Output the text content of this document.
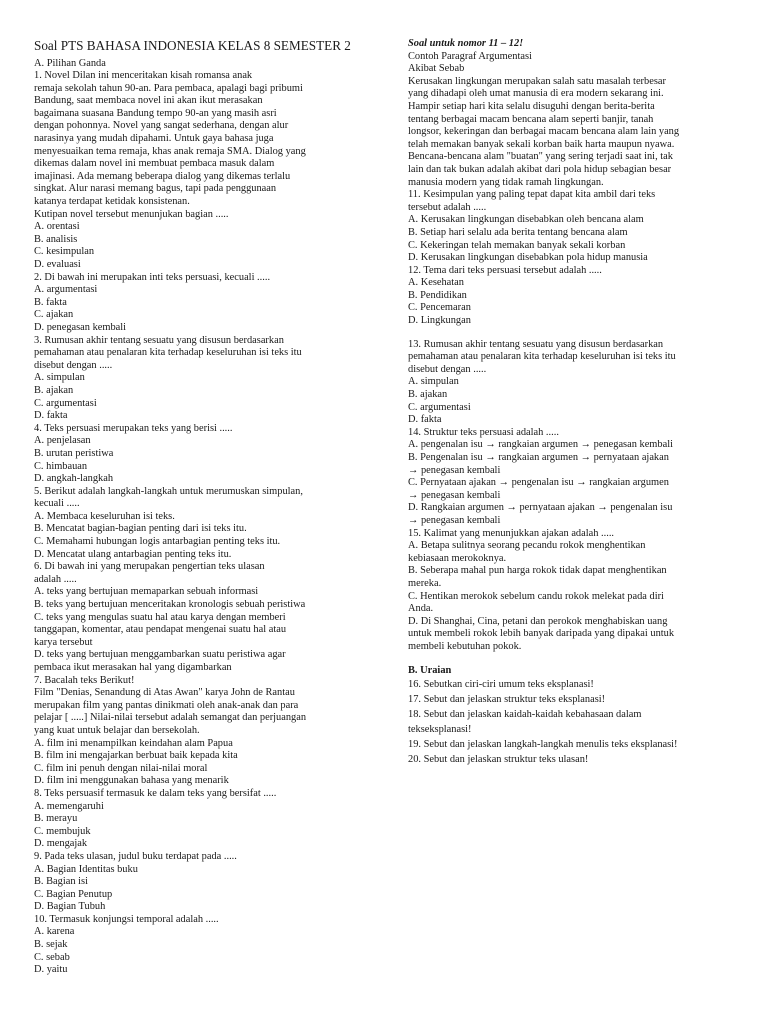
Soal PTS BAHASA INDONESIA KELAS 8 SEMESTER 2
A. Pilihan Ganda
1. Novel Dilan ini menceritakan kisah romansa anak
remaja sekolah tahun 90-an. Para pembaca, apalagi bagi pribumi
Bandung, saat membaca novel ini akan ikut merasakan
bagaimana suasana Bandung tempo 90-an yang masih asri
dengan pohonnya. Novel yang sangat sederhana, dengan alur
narasinya yang mudah dipahami. Untuk gaya bahasa juga
menyesuaikan tema remaja, khas anak remaja SMA. Dialog yang
dikemas dalam novel ini membuat pembaca masuk dalam
imajinasi. Ada memang beberapa dialog yang dikemas terlalu
singkat. Alur narasi memang bagus, tapi pada penggunaan
katanya terdapat ketidak konsistenan.
Kutipan novel tersebut menunjukan bagian .....
A. orentasi
B. analisis
C. kesimpulan
D. evaluasi
2. Di bawah ini merupakan inti teks persuasi, kecuali .....
A. argumentasi
B. fakta
C. ajakan
D. penegasan kembali
3. Rumusan akhir tentang sesuatu yang disusun berdasarkan
pemahaman atau penalaran kita terhadap keseluruhan isi teks itu
disebut dengan .....
A. simpulan
B. ajakan
C. argumentasi
D. fakta
4. Teks persuasi merupakan teks yang berisi .....
A. penjelasan
B. urutan peristiwa
C. himbauan
D. angkah-langkah
5. Berikut adalah langkah-langkah untuk merumuskan simpulan,
kecuali .....
A. Membaca keseluruhan isi teks.
B. Mencatat bagian-bagian penting dari isi teks itu.
C. Memahami hubungan logis antarbagian penting teks itu.
D. Mencatat ulang antarbagian penting teks itu.
6. Di bawah ini yang merupakan pengertian teks ulasan
adalah .....
A. teks yang bertujuan memaparkan sebuah informasi
B. teks yang bertujuan menceritakan kronologis sebuah peristiwa
C. teks yang mengulas suatu hal atau karya dengan memberi
tanggapan, komentar, atau pendapat mengenai suatu hal atau
karya tersebut
D. teks yang bertujuan menggambarkan suatu peristiwa agar
pembaca ikut merasakan hal yang digambarkan
7. Bacalah teks Berikut!
Film "Denias, Senandung di Atas Awan" karya John de Rantau
merupakan film yang pantas dinikmati oleh anak-anak dan para
pelajar [ .....] Nilai-nilai tersebut adalah semangat dan perjuangan
yang kuat untuk belajar dan bersekolah.
A. film ini menampilkan keindahan alam Papua
B. film ini mengajarkan berbuat baik kepada kita
C. film ini penuh dengan nilai-nilai moral
D. film ini menggunakan bahasa yang menarik
8. Teks persuasif termasuk ke dalam teks yang bersifat .....
A. memengaruhi
B. merayu
C. membujuk
D. mengajak
9. Pada teks ulasan, judul buku terdapat pada .....
A. Bagian Identitas buku
B. Bagian isi
C. Bagian Penutup
D. Bagian Tubuh
10. Termasuk konjungsi temporal adalah .....
A. karena
B. sejak
C. sebab
D. yaitu
Soal untuk nomor 11 – 12!
Contoh Paragraf Argumentasi
Akibat Sebab
Kerusakan lingkungan merupakan salah satu masalah terbesar
yang dihadapi oleh umat manusia di era modern sekarang ini.
Hampir setiap hari kita selalu disuguhi dengan berita-berita
tentang berbagai macam bencana alam seperti banjir, tanah
longsor, kekeringan dan berbagai macam bencana alam lain yang
telah memakan banyak sekali korban baik harta maupun nyawa.
Bencana-bencana alam "buatan" yang sering terjadi saat ini, tak
lain dan tak bukan adalah akibat dari pola hidup sebagian besar
manusia modern yang tidak ramah lingkungan.
11. Kesimpulan yang paling tepat dapat kita ambil dari teks
tersebut adalah .....
A. Kerusakan lingkungan disebabkan oleh bencana alam
B. Setiap hari selalu ada berita tentang bencana alam
C. Kekeringan telah memakan banyak sekali korban
D. Kerusakan lingkungan disebabkan pola hidup manusia
12. Tema dari teks persuasi tersebut adalah .....
A. Kesehatan
B. Pendidikan
C. Pencemaran
D. Lingkungan
13. Rumusan akhir tentang sesuatu yang disusun berdasarkan
pemahaman atau penalaran kita terhadap keseluruhan isi teks itu
disebut dengan .....
A. simpulan
B. ajakan
C. argumentasi
D. fakta
14. Struktur teks persuasi adalah .....
A. pengenalan isu → rangkaian argumen → penegasan kembali
B. Pengenalan isu → rangkaian argumen → pernyataan ajakan
→ penegasan kembali
C. Pernyataan ajakan → pengenalan isu → rangkaian argumen
→ penegasan kembali
D. Rangkaian argumen → pernyataan ajakan → pengenalan isu
→ penegasan kembali
15. Kalimat yang menunjukkan ajakan adalah .....
A. Betapa sulitnya seorang pecandu rokok menghentikan
kebiasaan merokoknya.
B. Seberapa mahal pun harga rokok tidak dapat menghentikan
mereka.
C. Hentikan merokok sebelum candu rokok melekat pada diri
Anda.
D. Di Shanghai, Cina, petani dan perokok menghabiskan uang
untuk membeli rokok lebih banyak daripada yang dipakai untuk
membeli kebutuhan pokok.
B. Uraian
16. Sebutkan ciri-ciri umum teks eksplanasi!
17. Sebut dan jelaskan struktur teks eksplanasi!
18. Sebut dan jelaskan kaidah-kaidah kebahasaan dalam
tekseksplanasi!
19. Sebut dan jelaskan langkah-langkah menulis teks eksplanasi!
20. Sebut dan jelaskan struktur teks ulasan!
